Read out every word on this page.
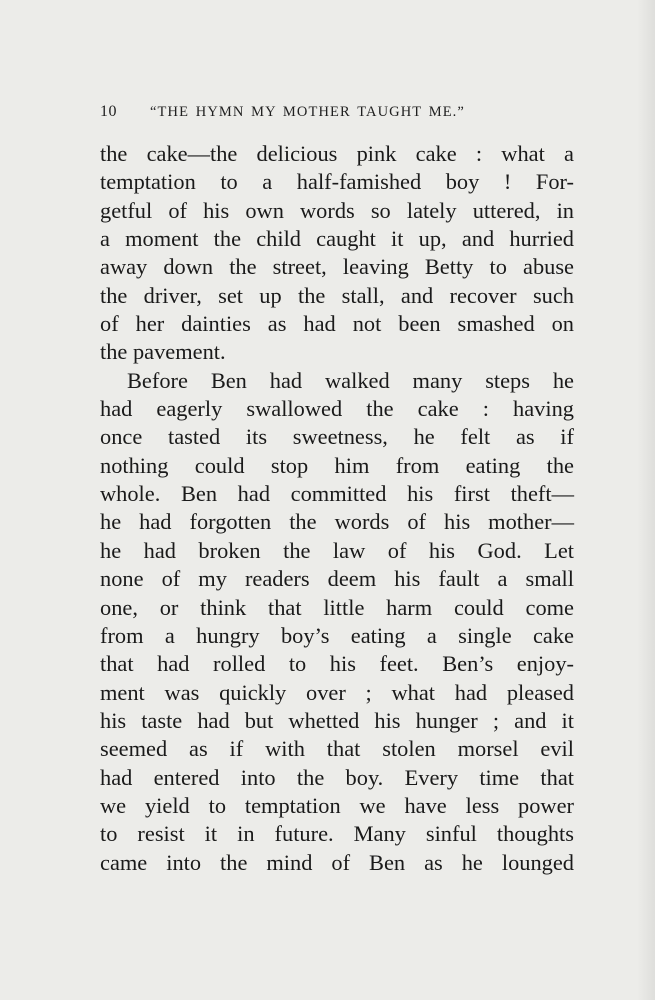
10 “THE HYMN MY MOTHER TAUGHT ME.”
the cake—the delicious pink cake : what a
temptation to a half-famished boy ! For-
getful of his own words so lately uttered, in
a moment the child caught it up, and hurried
away down the street, leaving Betty to abuse
the driver, set up the stall, and recover such
of her dainties as had not been smashed on
the pavement.
Before Ben had walked many steps he
had eagerly swallowed the cake : having
once tasted its sweetness, he felt as if
nothing could stop him from eating the
whole. Ben had committed his first theft—
he had forgotten the words of his mother—
he had broken the law of his God. Let
none of my readers deem his fault a small
one, or think that little harm could come
from a hungry boy’s eating a single cake
that had rolled to his feet. Ben’s enjoy-
ment was quickly over ; what had pleased
his taste had but whetted his hunger ; and it
seemed as if with that stolen morsel evil
had entered into the boy. Every time that
we yield to temptation we have less power
to resist it in future. Many sinful thoughts
came into the mind of Ben as he lounged
